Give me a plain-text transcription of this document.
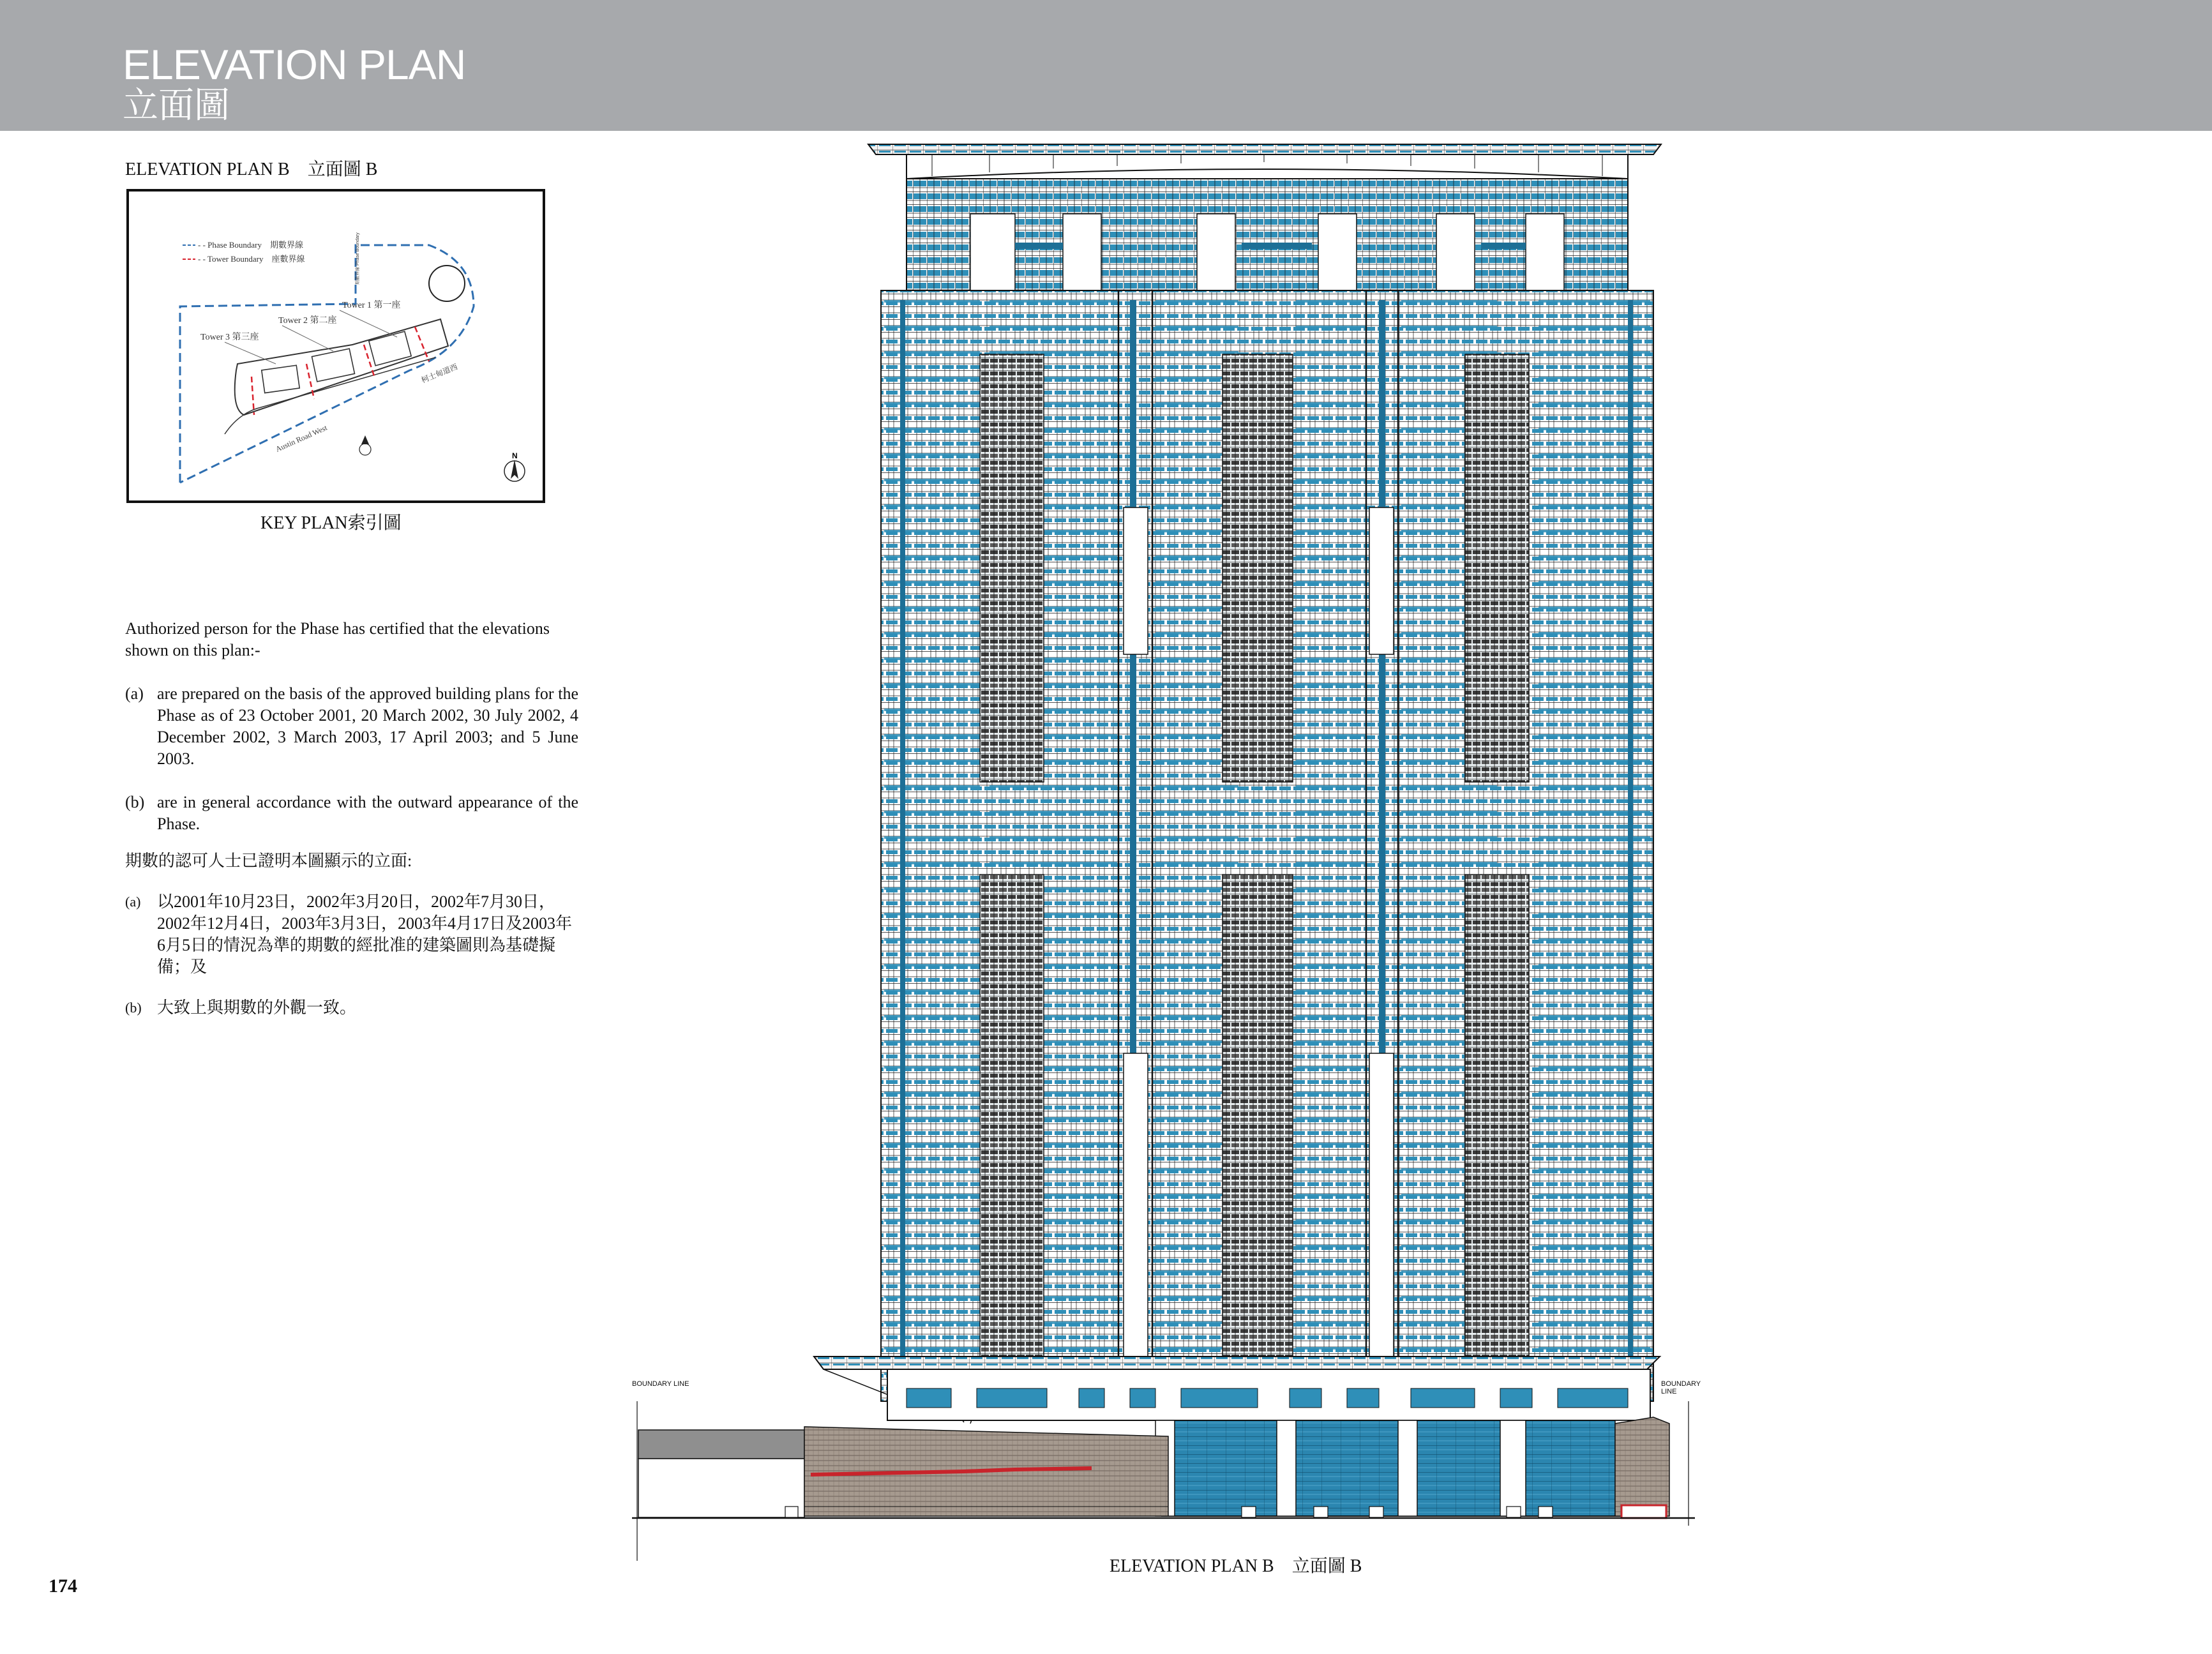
ELEVATION PLAN
立面圖
ELEVATION PLAN B　立面圖 B
- - Phase Boundary　期數界線
- - Tower Boundary　座數界線
Tower 3 第三座
Tower 2 第二座
Tower 1 第一座
期數界線 Phase Boundary
Austin Road West
柯士甸道西
N
KEY PLAN索引圖

Authorized person for the Phase has certified that the elevations shown on this plan:-

(a) are prepared on the basis of the approved building plans for the Phase as of 23 October 2001, 20 March 2002, 30 July 2002, 4 December 2002, 3 March 2003, 17 April 2003; and 5 June 2003.
(b) are in general accordance with the outward appearance of the Phase.

期數的認可人士已證明本圖顯示的立面:

(a) 以2001年10月23日，2002年3月20日，2002年7月30日，2002年12月4日，2003年3月3日，2003年4月17日及2003年6月5日的情況為準的期數的經批准的建築圖則為基礎擬備；及
(b) 大致上與期數的外觀一致。
BOUNDARY LINE	BOUNDARY LINE
ELEVATION PLAN B　立面圖 B
174
